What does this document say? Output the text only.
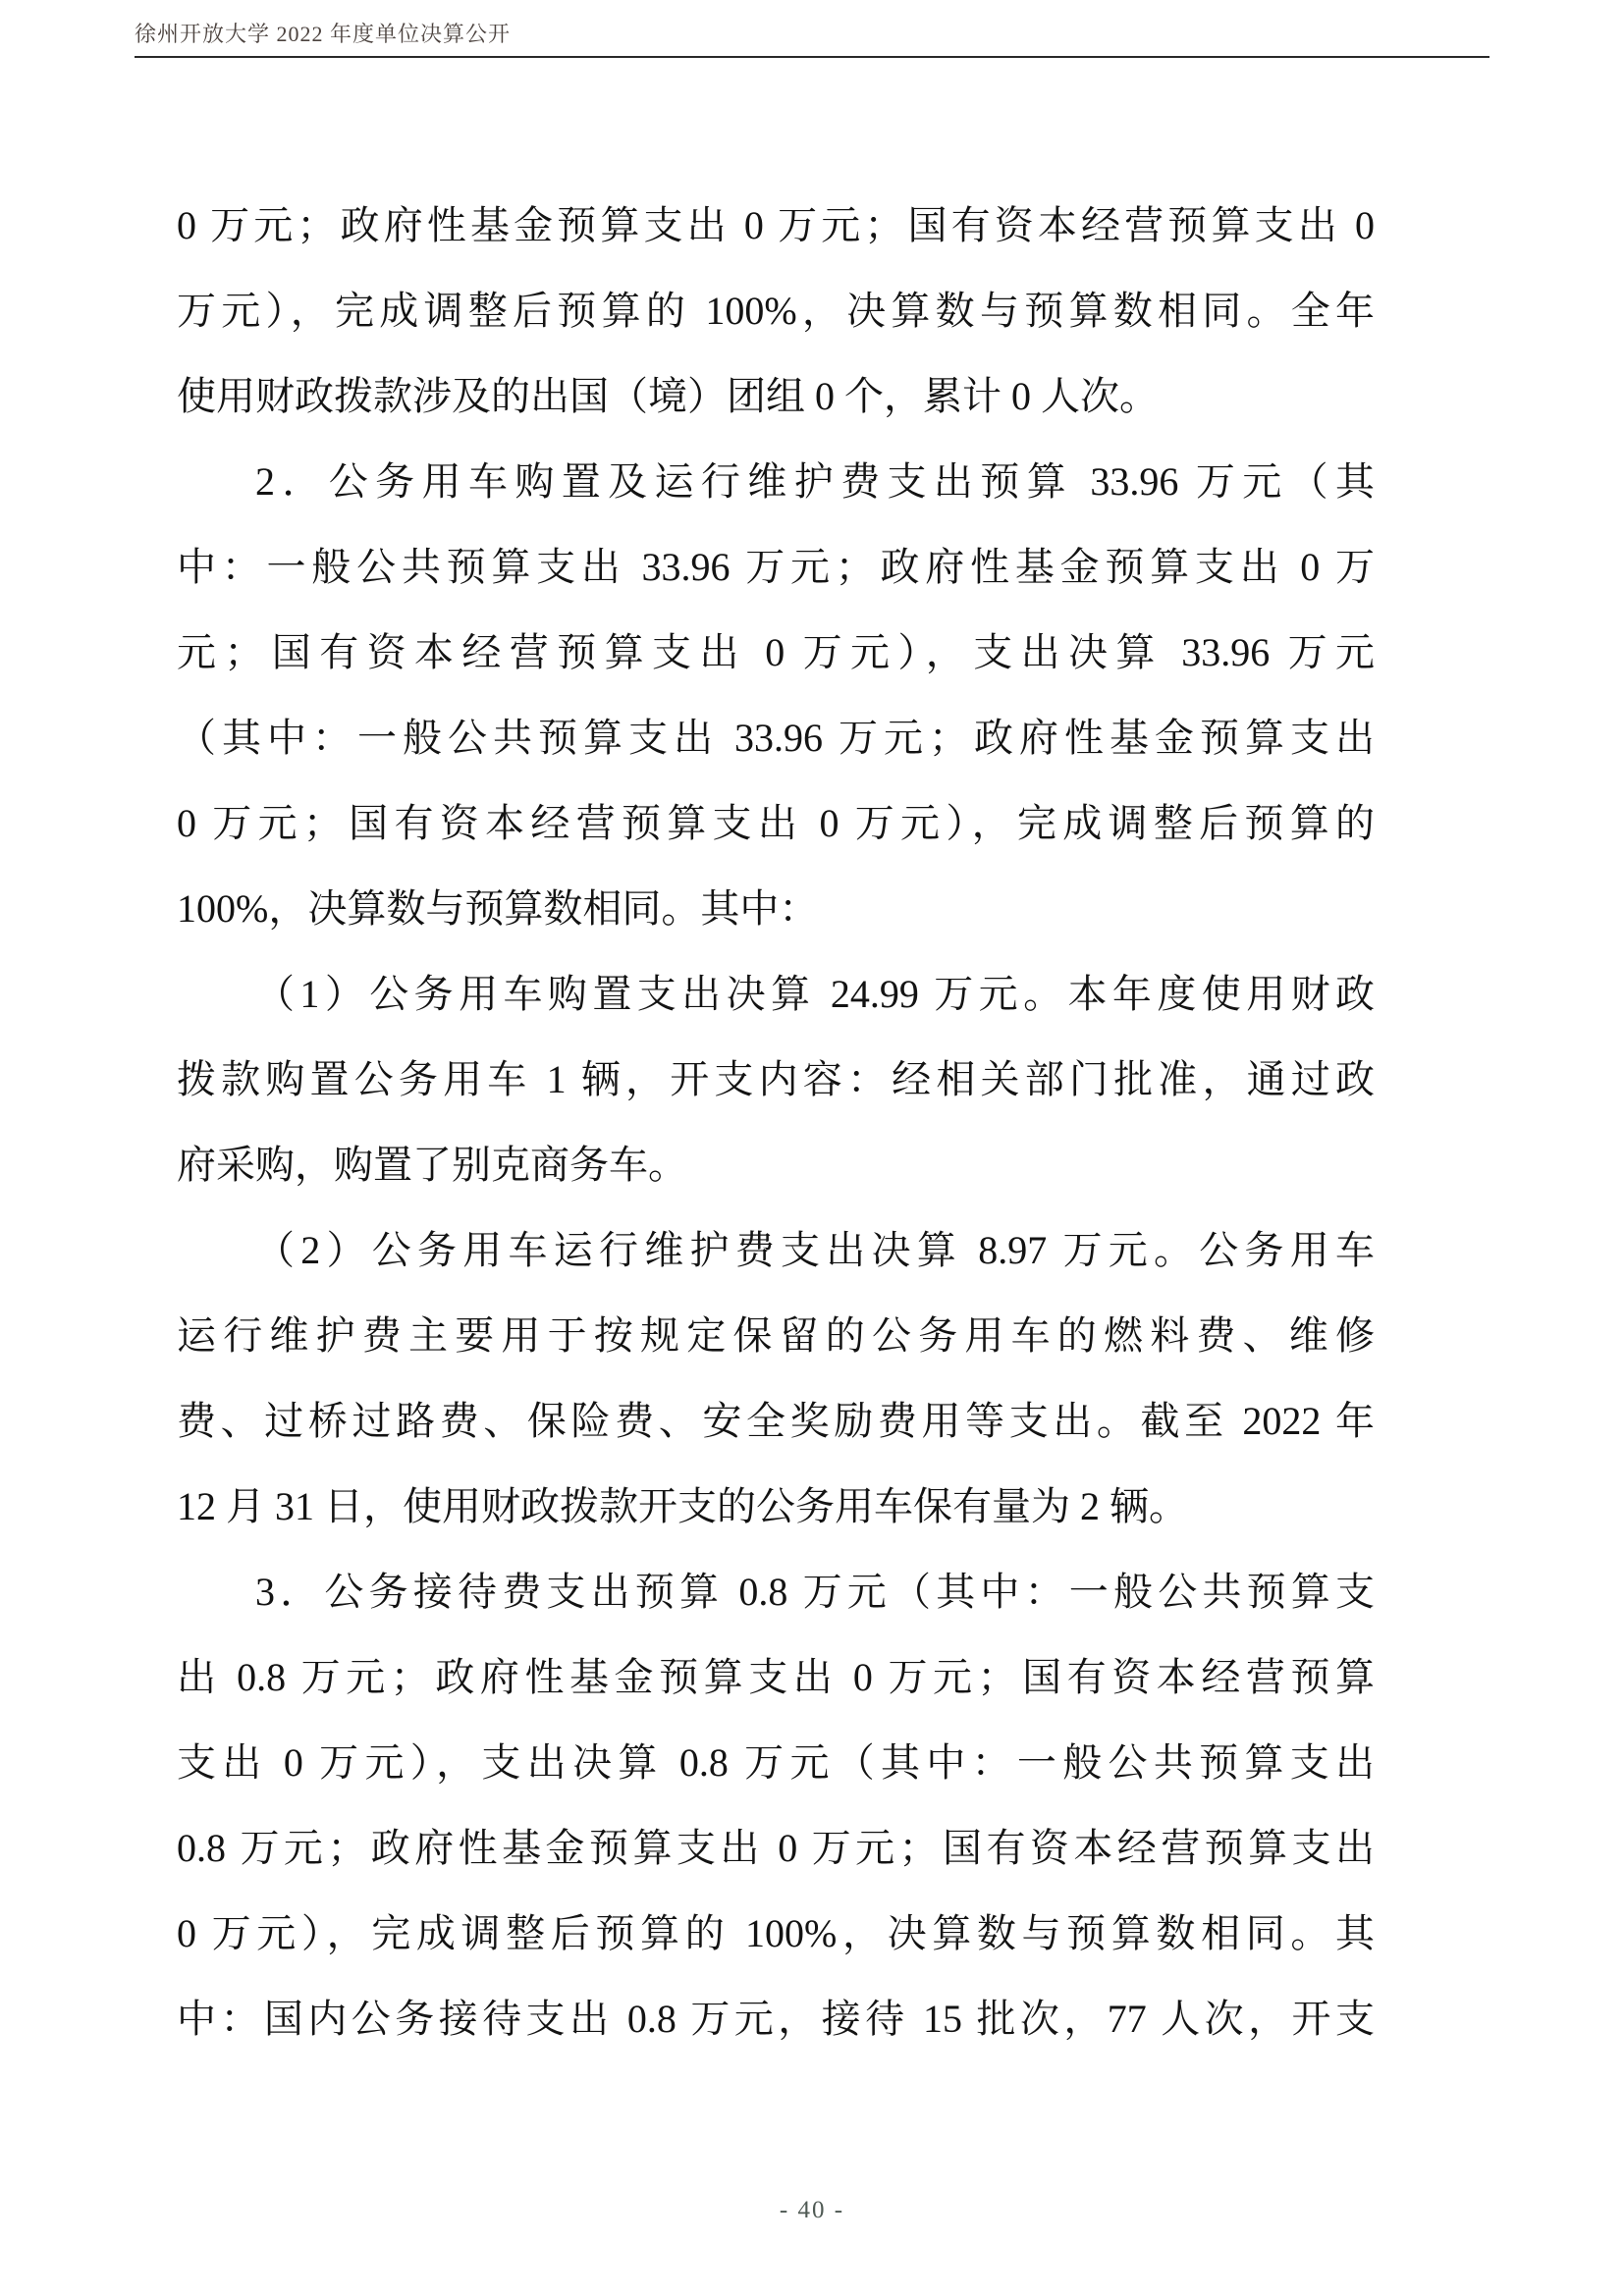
徐州开放大学 2022 年度单位决算公开
0 万元；政府性基金预算支出 0 万元；国有资本经营预算支出 0
万元），完成调整后预算的 100%，决算数与预算数相同。全年
使用财政拨款涉及的出国（境）团组 0 个，累计 0 人次。
2．公务用车购置及运行维护费支出预算 33.96 万元（其
中：一般公共预算支出 33.96 万元；政府性基金预算支出 0 万
元；国有资本经营预算支出 0 万元），支出决算 33.96 万元
（其中：一般公共预算支出 33.96 万元；政府性基金预算支出
0 万元；国有资本经营预算支出 0 万元），完成调整后预算的
100%，决算数与预算数相同。其中：
（1）公务用车购置支出决算 24.99 万元。本年度使用财政
拨款购置公务用车 1 辆，开支内容：经相关部门批准，通过政
府采购，购置了别克商务车。
（2）公务用车运行维护费支出决算 8.97 万元。公务用车
运行维护费主要用于按规定保留的公务用车的燃料费、维修
费、过桥过路费、保险费、安全奖励费用等支出。截至 2022 年
12 月 31 日，使用财政拨款开支的公务用车保有量为 2 辆。
3．公务接待费支出预算 0.8 万元（其中：一般公共预算支
出 0.8 万元；政府性基金预算支出 0 万元；国有资本经营预算
支出 0 万元），支出决算 0.8 万元（其中：一般公共预算支出
0.8 万元；政府性基金预算支出 0 万元；国有资本经营预算支出
0 万元），完成调整后预算的 100%，决算数与预算数相同。其
中：国内公务接待支出 0.8 万元，接待 15 批次，77 人次，开支
- 40 -
